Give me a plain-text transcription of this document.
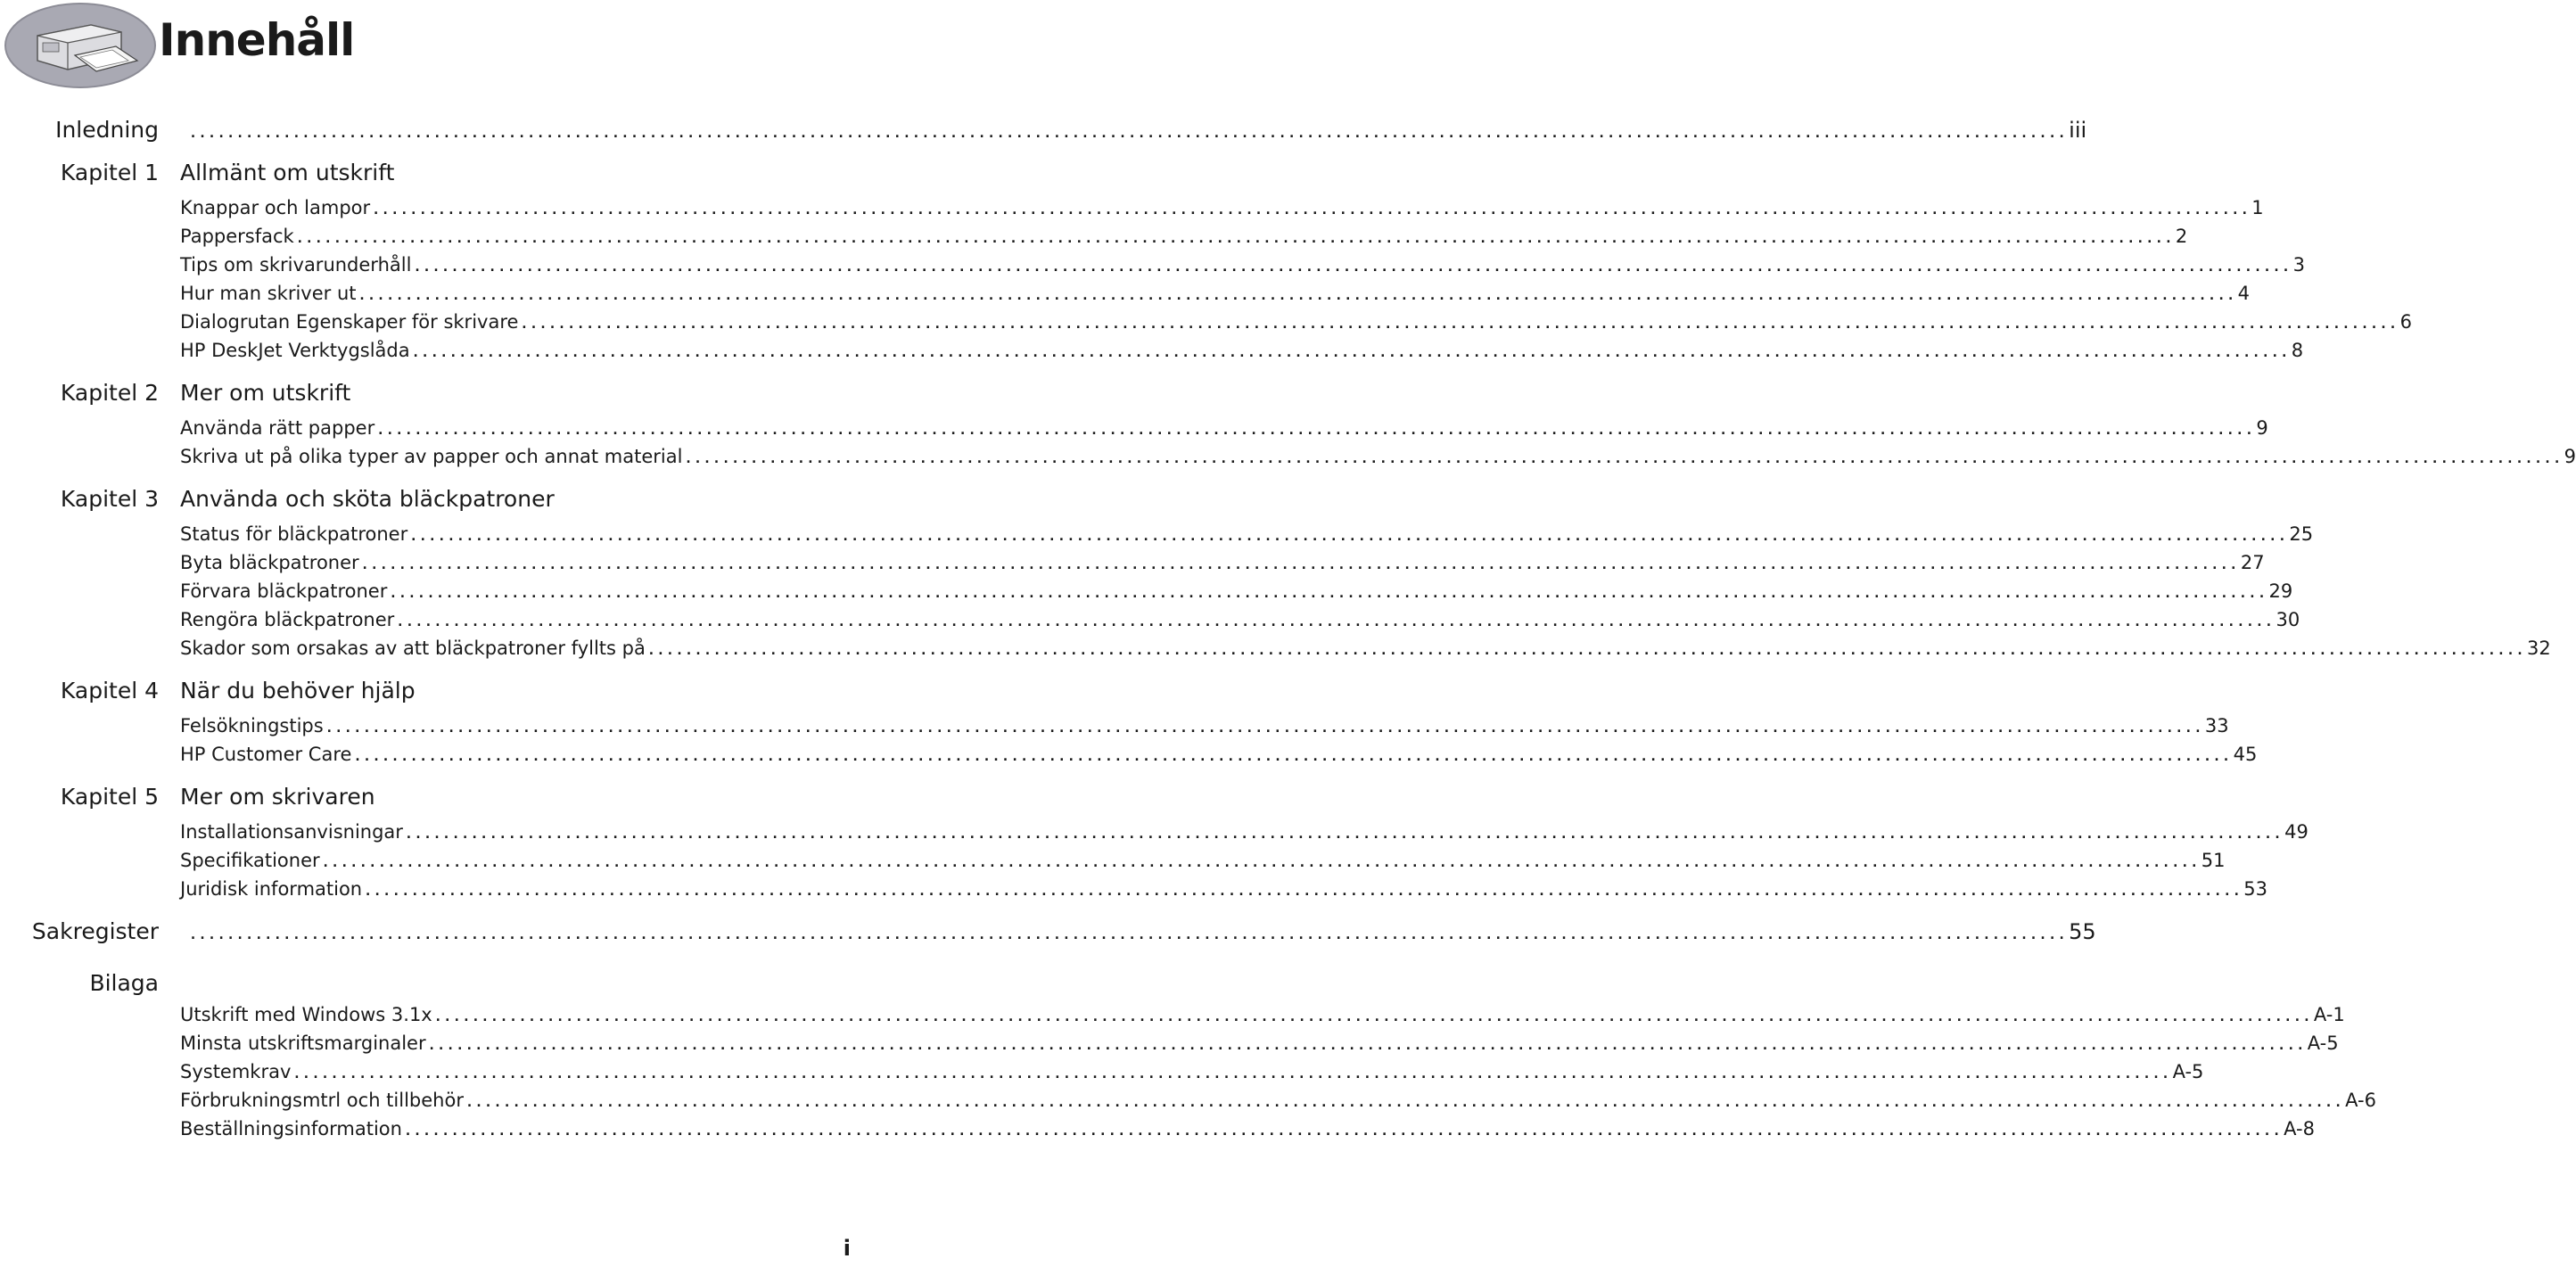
Innehåll
Inledning ........................................................................................................................................................................................................ iii
Kapitel 1 Allmänt om utskrift
Knappar och lampor ........................................................................................................................................................................................................ 1
Pappersfack ........................................................................................................................................................................................................ 2
Tips om skrivarunderhåll ........................................................................................................................................................................................................ 3
Hur man skriver ut ........................................................................................................................................................................................................ 4
Dialogrutan Egenskaper för skrivare ........................................................................................................................................................................................................ 6
HP DeskJet Verktygslåda ........................................................................................................................................................................................................ 8
Kapitel 2 Mer om utskrift
Använda rätt papper ........................................................................................................................................................................................................ 9
Skriva ut på olika typer av papper och annat material ........................................................................................................................................................................................................ 9
Kapitel 3 Använda och sköta bläckpatroner
Status för bläckpatroner ........................................................................................................................................................................................................ 25
Byta bläckpatroner ........................................................................................................................................................................................................ 27
Förvara bläckpatroner ........................................................................................................................................................................................................ 29
Rengöra bläckpatroner ........................................................................................................................................................................................................ 30
Skador som orsakas av att bläckpatroner fyllts på ........................................................................................................................................................................................................ 32
Kapitel 4 När du behöver hjälp
Felsökningstips ........................................................................................................................................................................................................ 33
HP Customer Care ........................................................................................................................................................................................................ 45
Kapitel 5 Mer om skrivaren
Installationsanvisningar ........................................................................................................................................................................................................ 49
Specifikationer ........................................................................................................................................................................................................ 51
Juridisk information ........................................................................................................................................................................................................ 53
Sakregister ........................................................................................................................................................................................................ 55
Bilaga
Utskrift med Windows 3.1x ........................................................................................................................................................................................................ A-1
Minsta utskriftsmarginaler ........................................................................................................................................................................................................ A-5
Systemkrav ........................................................................................................................................................................................................ A-5
Förbrukningsmtrl och tillbehör ........................................................................................................................................................................................................ A-6
Beställningsinformation ........................................................................................................................................................................................................ A-8
i
